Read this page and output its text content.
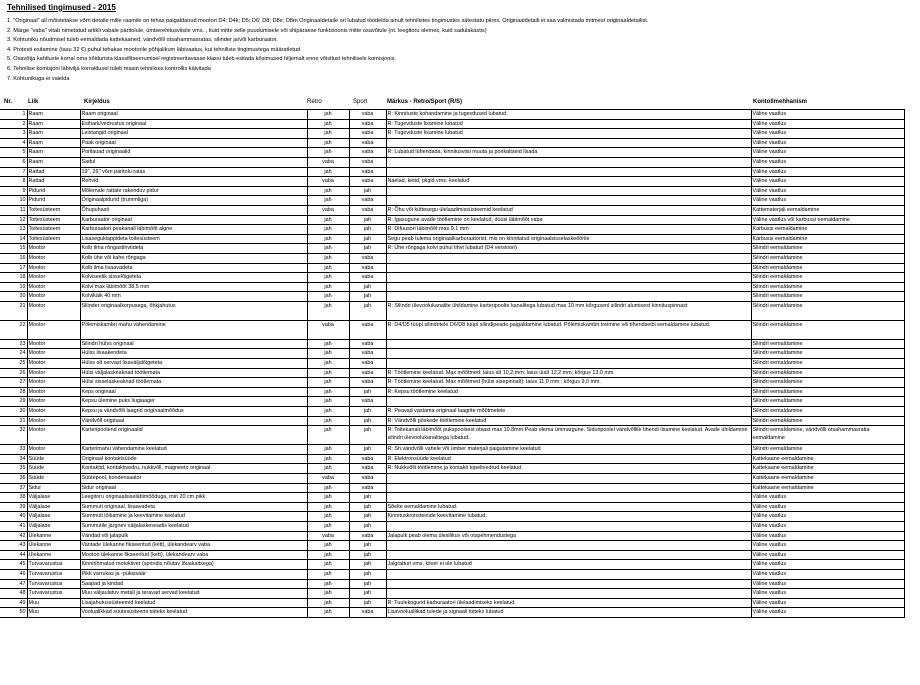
Tehnilised tingimused - 2015
1. "Originaal" all mõistetakse võrri detaile mille raamile on tehas paigaldanud mootori D4; D4k; D5; D6; D8; D8e; D8m Originaaldetaile on lubatud töödelda ainult tehnilistes tingimustes sätestatu piires. Originaaldetaili ei saa valmistada mitmest originaaldetailist.
2. Märge "vaba" vitab nimetatud artikli vabale päritolule, ümberehitusviisile vms. , kuid mitte selle puudumisele või shipäraese funktsioonis mitte osavõtule (nt. leegitoru olemes, kuid sadulakastis)
3. Kohtuniku nõudmisel tuleb eemaldada kattekaaned, vändvõlli otsahammasratas, silinder ja/või karburaator.
4. Protesti esitamine (tasu 32 €) puhul tehakse mootorile põhjalikum läbivaatus, kui tehniliste tingimustega määratletud
5. Osavõtja kahtluste korral oma sõidurista klassifitseerumisel registreeritavasse klassi tuleb esitada kõsimused hiljemalt enne võistlust tehnilisele komisjonis.
6. Tehnilise komisjoni läbivilja korraldusel tuleb masin tehnilises kontrollis käivitada
7. Kohtunikuga ei vaielda
Nr.	Liik	Kirjeldus	Retro	Sport	Märkus - Retro/Sport (R/S)	Kontollmehhanism
1	Raam	Raam originaal	jah	vaba	R: Kinnituste kohandamine ja tugevdused lubatud	Väline vaatlus
2	Raam	Esihark/vedrustus originaal	jah	vaba	R: Tugevduste lisamine lubatud	Väline vaatlus
3	Raam	Leistangid originaal	jah	vaba	R: Tugevduste lisamine lubatud	Väline vaatlus
4	Raam	Paak originaal	jah	vaba		Väline vaatlus
5	Raam	Porilauad originaalid	jah	vaba	R: Lubatud lühendada, kinnitusviisi muuta ja porikaitseid lisada	Väline vaatlus
6	Raam	Sadul	vaba	vaba		Väline vaatlus
7	Rattad	19'', 26'' võrri päritolu ratas	jah	vaba		Väline vaatlus
8	Rattad	Rehvid	vaba	vaba	Naelad, ketid, piigid vms. keelatud	Väline vaatlus
9	Pidurid	Mõlemale rattale rakenduv pidur	jah	jah		Väline vaatlus
10	Pidurid	Originaalpidurid (trummliga)	jah	vaba		Väline vaatlus
11	Toitesüsteem	Õhupuhasti	vaba	vaba	R: Õhu või küttesegu ülelaadimissüsteemid keelatud	Kattematerjali eemaldamine
12	Toitesüsteem	Karburaator originaal	jah	jah	R: Igasugune avade töötlemine on keelatud, düüsi läbimõõt vaba	Väline vaatlus või karbussi eemaldamine
13	Toitesüsteem	Karburaatori peakanali läbimõõt algne	jah	jah	R: Difuusori läbimõõt max.9.1 mm	Karbussi eemaldamine
14	Toitesüsteem	Lisaseguklappideta toitesüsteem	jah	jah	Segu peab tulema originaalkarburaatorist, mis on kinnitatud originaalsisselaskeõõrile	Karbussi eemaldamine
15	Mootor	Kolb ilma rõngastihvtideta	jah	jah	R: Ühe rõngaga kolvi puhul tihvt lubatud (D4 versioon)	Silindri eemaldamine
16	Mootor	Kolb ühe või kahe rõngaga	jah	vaba		Silindri eemaldamine
17	Mootor	Kolb ilma lisaavadeta	jah	vaba		Silindri eemaldamine
18	Mootor	Kolviseelik sisselõigeteta	jah	vaba		Silindri eemaldamine
19	Mootor	Kolvi max läbimõõt 38,5 mm	jah	jah		Silindri eemaldamine
20	Mootor	Kolvikäik 40 mm	jah	jah		Silindri eemaldamine
21	Mootor	Silinder originaalkorpusega, õhkjahutus	jah	jah	R: Silindri ülevoolukanalite ühildamine karteripoolte kanalitega lubatud max 10 mm kõrgusenl silindri alumisest kinnituspinnast	Silindri eemaldamine
22	Mootor	Põlemiskambri mahu vähendamine	vaba	vaba	R: D4/D5 tüüpi silindritele D6/D8 tüüpi silindipeade paigaldamine lubatud. Põlemiskambri treimine või tihendseibi eemaldamine lubatud.	Silindri eemaldamine
23	Mootor	Silindri hülss originaal	jah	vaba		Silindri eemaldamine
24	Mootor	Hülss lisaakendeta	jah	vaba		Silindri eemaldamine
25	Mootor	Hülss alt servast lisaväljalõigeteta	jah	vaba		Silindri eemaldamine
26	Mootor	Hülsi väljalaskeaknad töötlemata	jah	vaba	R: Töötlemine keelatud. Max mõõtmed: laius alt 10,2 mm; laius üialt 12,2 mm; kõrgus 13,0 mm.	Silindri eemaldamine
27	Mootor	Hülsi sisselaskeaknad töötlemata	jah	vaba	R: Töötlemine keelatud. Max mõõtmed (hülsi sisepinnalt): laius 11,0 mm ; kõrgus 9,0 mm.	Silindri eemaldamine
28	Mootor	Keps originaal	jah	jah	R: Kepsu töötlemine keelatud	Silindri eemaldamine
29	Mootor	Kepsu ülemine puks liugiaager	jah	vaba		Silindri eemaldamine
30	Mootor	Kepsu ja vändvõlli laagrid originaalmõõdus	jah	jah	R: Peavad vastama originaal laagrite mõõtmetele	Silindri eemaldamine
31	Mootor	Vändvõll originaal	jah	jah	R: Vändvõlli põskede töötlemine keelatud	Silindri eemaldamine
32	Mootor	Karteripoolend originaalid	jah	jah	R: Toitekanali läbimõõt pukspoolsest otsast max 10.8mm.Peab olema ümmargune. Siduripoolel vändvõllile tihendi lisamine keelatud. Avade ühildamine silindri ülevoolukanalitega lubatud.	Silindri eemaldamine, vändvõlli otsahammasratta eemaldamine
33	Mootor	Karterimahu vähendamine keelatud	jah	jah	R: Sh.vändvõlli vahele või ümber materjali paigutamine keelatud	Silindri eemaldamine
34	Süüde	Originaal kontaktsüüde	jah	vaba	R: Elektronsüüde keelatud	Kattekaane eemaldamine
35	Süüde	Kontaktid, kontaktivedru, nukkvõll, magneeto originaal	jah	vaba	R: Nukkvõlli töötlemine ja kontakti topeltvedrud keelatud	Kattekaane eemaldamine
36	Süüde	Süütepool, kondensaator	vaba	vaba		Kattekaane eemaldamine
37	Sidur	Sidur originaal	jah	vaba		Kattekaane eemaldamine
38	Väljalase	Leegitoru originaalsiseläbimõõduga, min 20 cm pikk	jah	jah		Väline vaatlus
39	Väljalase	Summuti originaal, lisaavadeta	jah	jah	Sõelte eemaldamine lubatud.	Väline vaatlus
40	Väljalase	Summuti lõikamine ja keevitamine keelatud	jah	jah	Kinnituskronsteinide keevitamine lubatud.	Väline vaatlus
41	Väljalase	Summutile järgnev väljalaskeseadis keelatud	jah	jah		Väline vaatlus
42	Ülekanne	Vändad või jalapulk	vaba	vaba	Jalapulk peab olema ülesilikuv või otspehmendustega	Väline vaatlus
43	Ülekanne	Vantade ülekanne fikseeritud (kett), ülekandearv vaba	jah	jah		Väline vaatlus
44	Ülekanne	Mootori ülekanne fikseeritud (kett), ülekandearv vaba	jah	jah		Väline vaatlus
45	Turvavarustus	Kinnirihmatud motokiiver (sprindis nõutav lõuakaitsega)	jah	jah	Jalgratturi vms. kiiver ei ole lubatud	Väline vaatlus
46	Turvavarustus	Pikk varrukas ja -püksisäär	jah	jah		Väline vaatlus
47	Turvavarustus	Saapad ja kindad	jah	jah		Väline vaatlus
48	Turvavarustus	Muu väljaulatuv metall ja teravad servad keelatud	jah	jah		Väline vaatlus
49	Muu	Lisajahutussüsteemid keelatud	jah	jah	R: Tuulekogurid karburaatori ülelaadimiseks keelatud.	Väline vaatlus
50	Muu	Voolualikkad süütesüsteemi toiteks keelatud	jah	vaba	Lisavooluallikad tulede ja signaali toiteks lubatud	Väline vaatlus
